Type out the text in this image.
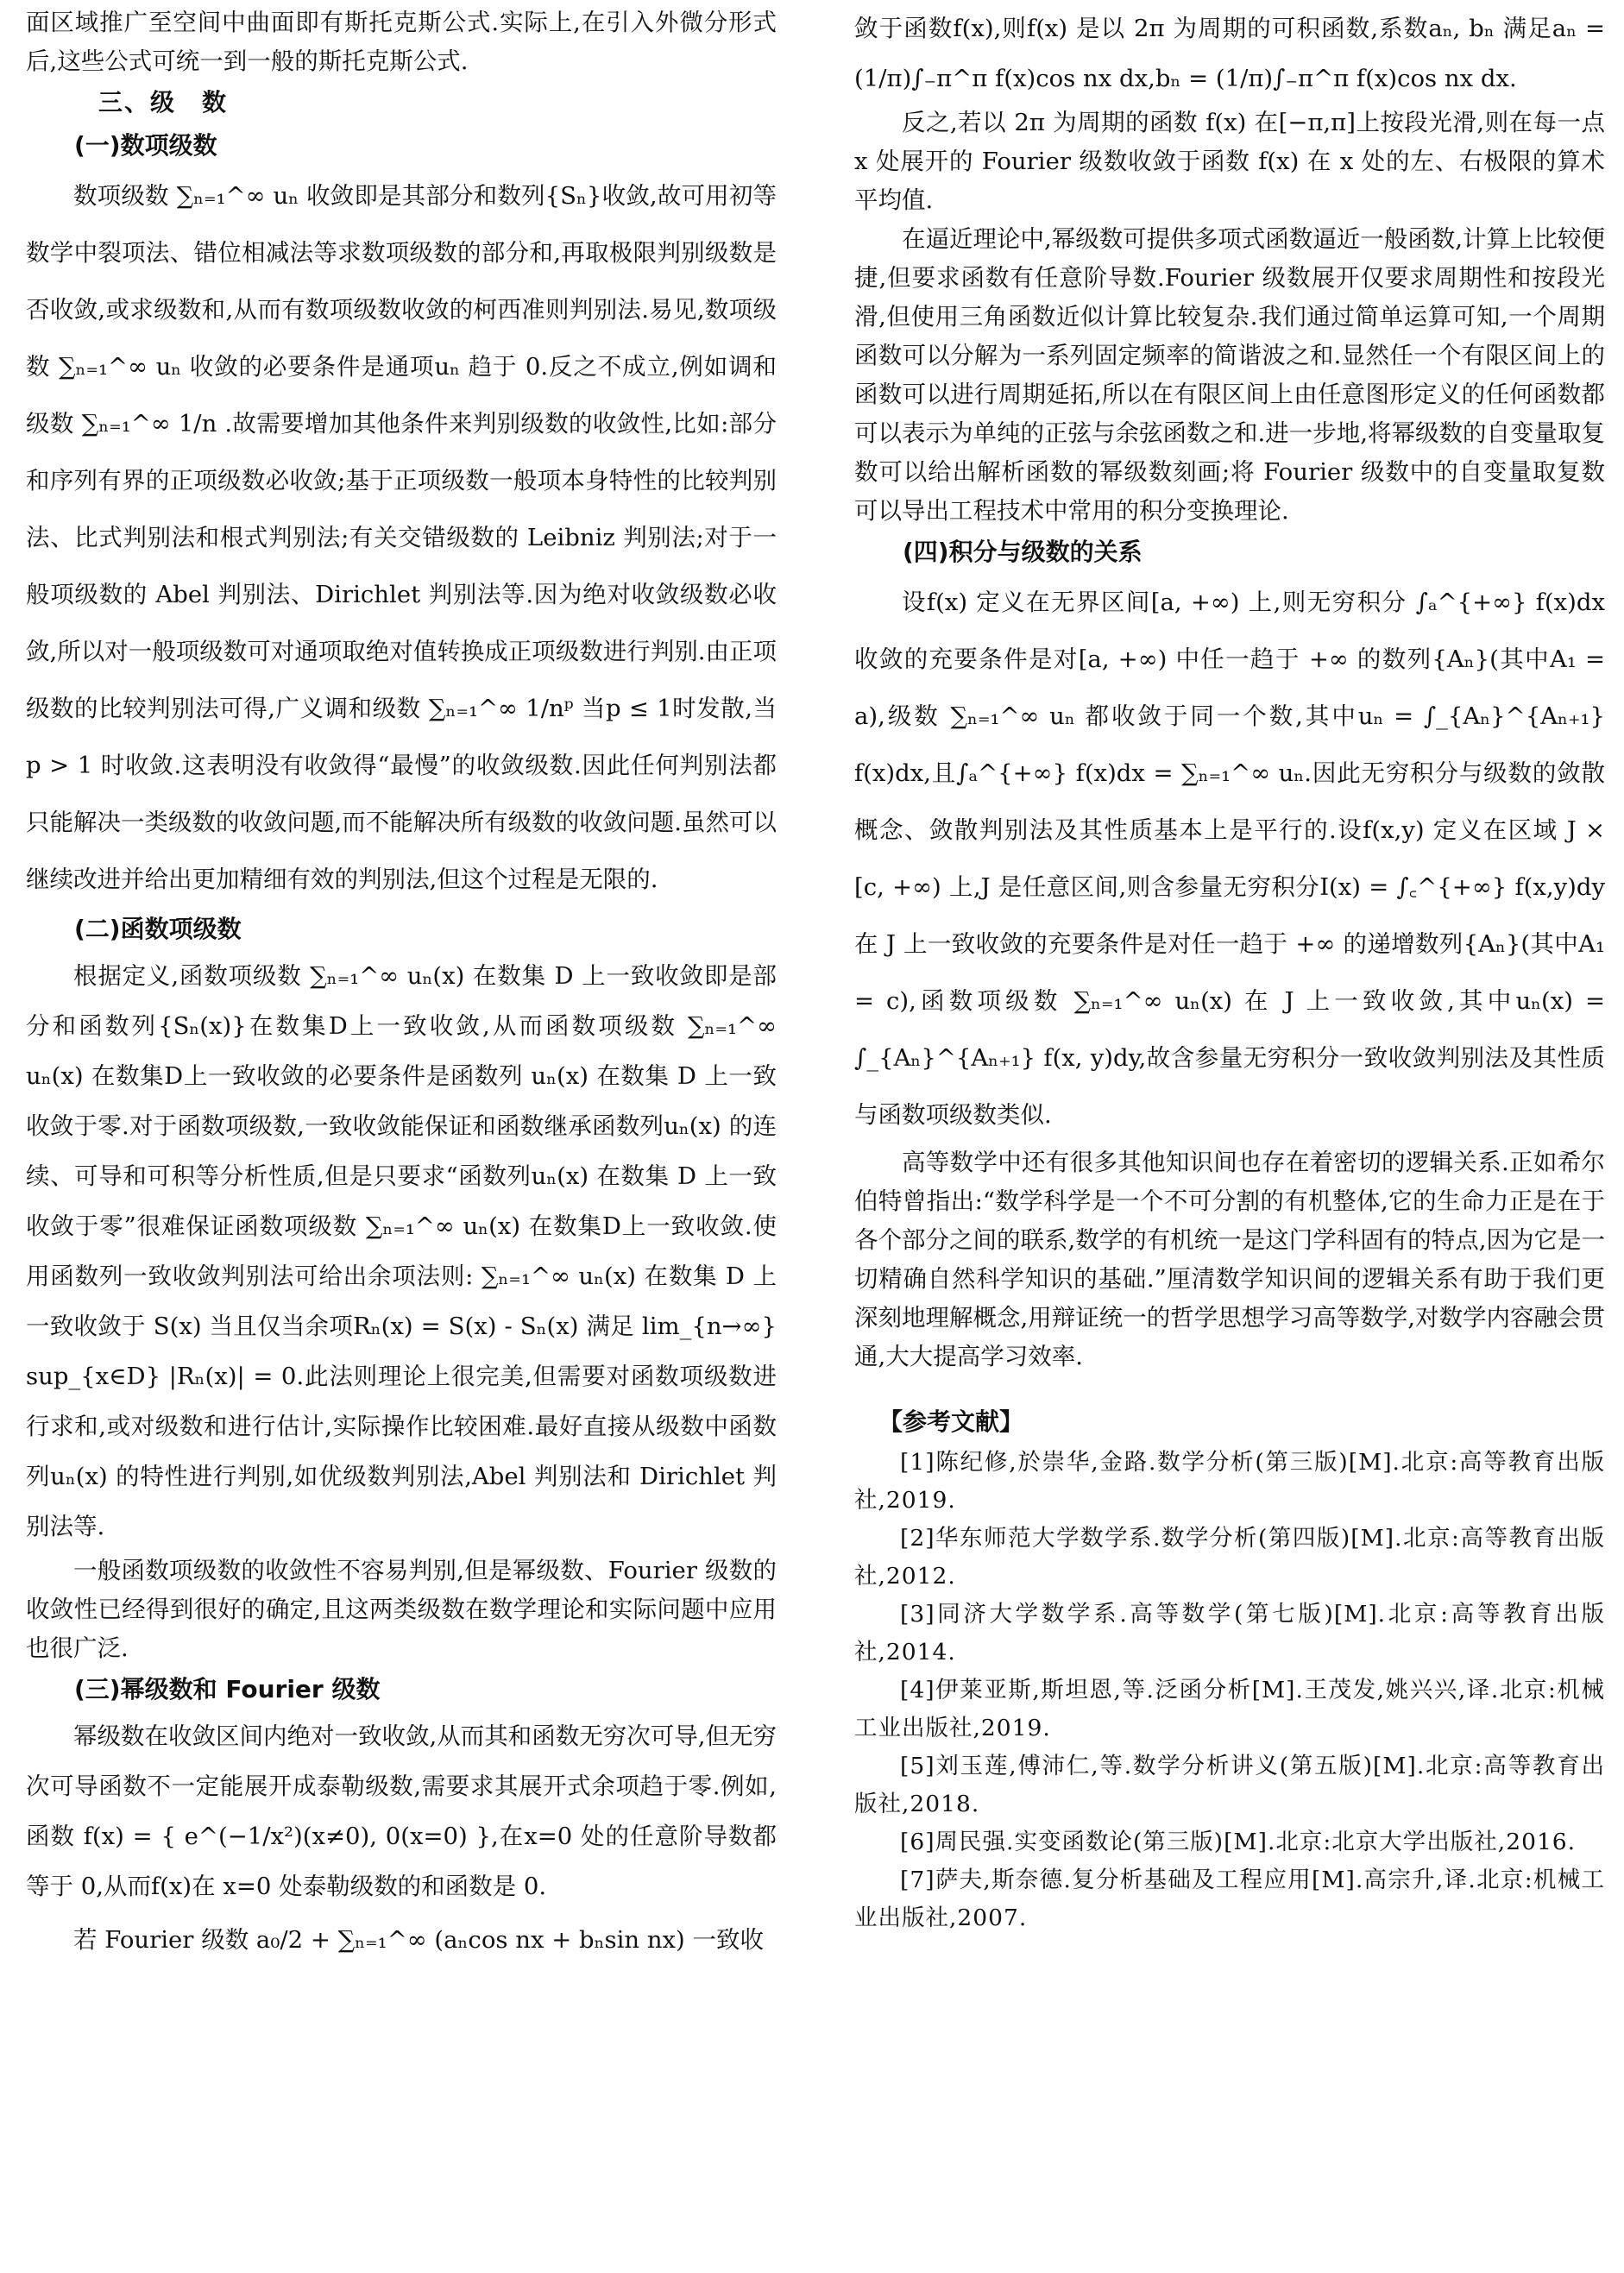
面区域推广至空间中曲面即有斯托克斯公式.实际上,在引入外微分形式后,这些公式可统一到一般的斯托克斯公式.

三、级　数

(一)数项级数

数项级数 ∑ₙ₌₁^∞ uₙ 收敛即是其部分和数列{Sₙ}收敛,故可用初等数学中裂项法、错位相减法等求数项级数的部分和,再取极限判别级数是否收敛,或求级数和,从而有数项级数收敛的柯西准则判别法.易见,数项级数 ∑ₙ₌₁^∞ uₙ 收敛的必要条件是通项uₙ 趋于 0.反之不成立,例如调和级数 ∑ₙ₌₁^∞ 1/n .故需要增加其他条件来判别级数的收敛性,比如:部分和序列有界的正项级数必收敛;基于正项级数一般项本身特性的比较判别法、比式判别法和根式判别法;有关交错级数的 Leibniz 判别法;对于一般项级数的 Abel 判别法、Dirichlet 判别法等.因为绝对收敛级数必收敛,所以对一般项级数可对通项取绝对值转换成正项级数进行判别.由正项级数的比较判别法可得,广义调和级数 ∑ₙ₌₁^∞ 1/nᵖ 当p ≤ 1时发散,当p > 1 时收敛.这表明没有收敛得“最慢”的收敛级数.因此任何判别法都只能解决一类级数的收敛问题,而不能解决所有级数的收敛问题.虽然可以继续改进并给出更加精细有效的判别法,但这个过程是无限的.

(二)函数项级数

根据定义,函数项级数 ∑ₙ₌₁^∞ uₙ(x) 在数集 D 上一致收敛即是部分和函数列{Sₙ(x)}在数集D上一致收敛,从而函数项级数 ∑ₙ₌₁^∞ uₙ(x) 在数集D上一致收敛的必要条件是函数列 uₙ(x) 在数集 D 上一致收敛于零.对于函数项级数,一致收敛能保证和函数继承函数列uₙ(x) 的连续、可导和可积等分析性质,但是只要求“函数列uₙ(x) 在数集 D 上一致收敛于零”很难保证函数项级数 ∑ₙ₌₁^∞ uₙ(x) 在数集D上一致收敛.使用函数列一致收敛判别法可给出余项法则: ∑ₙ₌₁^∞ uₙ(x) 在数集 D 上一致收敛于 S(x) 当且仅当余项Rₙ(x) = S(x) - Sₙ(x) 满足 lim_{n→∞} sup_{x∈D} |Rₙ(x)| = 0.此法则理论上很完美,但需要对函数项级数进行求和,或对级数和进行估计,实际操作比较困难.最好直接从级数中函数列uₙ(x) 的特性进行判别,如优级数判别法,Abel 判别法和 Dirichlet 判别法等.

一般函数项级数的收敛性不容易判别,但是幂级数、Fourier 级数的收敛性已经得到很好的确定,且这两类级数在数学理论和实际问题中应用也很广泛.

(三)幂级数和 Fourier 级数

幂级数在收敛区间内绝对一致收敛,从而其和函数无穷次可导,但无穷次可导函数不一定能展开成泰勒级数,需要求其展开式余项趋于零.例如,函数 f(x) = { e^(−1/x²)(x≠0), 0(x=0) },在x=0 处的任意阶导数都等于 0,从而f(x)在 x=0 处泰勒级数的和函数是 0.

若 Fourier 级数 a₀/2 + ∑ₙ₌₁^∞ (aₙcos nx + bₙsin nx) 一致收

敛于函数f(x),则f(x) 是以 2π 为周期的可积函数,系数aₙ, bₙ 满足aₙ = (1/π)∫₋π^π f(x)cos nx dx,bₙ = (1/π)∫₋π^π f(x)cos nx dx.

反之,若以 2π 为周期的函数 f(x) 在[−π,π]上按段光滑,则在每一点 x 处展开的 Fourier 级数收敛于函数 f(x) 在 x 处的左、右极限的算术平均值.

在逼近理论中,幂级数可提供多项式函数逼近一般函数,计算上比较便捷,但要求函数有任意阶导数.Fourier 级数展开仅要求周期性和按段光滑,但使用三角函数近似计算比较复杂.我们通过简单运算可知,一个周期函数可以分解为一系列固定频率的简谐波之和.显然任一个有限区间上的函数可以进行周期延拓,所以在有限区间上由任意图形定义的任何函数都可以表示为单纯的正弦与余弦函数之和.进一步地,将幂级数的自变量取复数可以给出解析函数的幂级数刻画;将 Fourier 级数中的自变量取复数可以导出工程技术中常用的积分变换理论.

(四)积分与级数的关系

设f(x) 定义在无界区间[a, +∞) 上,则无穷积分 ∫ₐ^{+∞} f(x)dx 收敛的充要条件是对[a, +∞) 中任一趋于 +∞ 的数列{Aₙ}(其中A₁ = a),级数 ∑ₙ₌₁^∞ uₙ 都收敛于同一个数,其中uₙ = ∫_{Aₙ}^{Aₙ₊₁} f(x)dx,且∫ₐ^{+∞} f(x)dx = ∑ₙ₌₁^∞ uₙ.因此无穷积分与级数的敛散概念、敛散判别法及其性质基本上是平行的.设f(x,y) 定义在区域 J × [c, +∞) 上,J 是任意区间,则含参量无穷积分I(x) = ∫꜀^{+∞} f(x,y)dy 在 J 上一致收敛的充要条件是对任一趋于 +∞ 的递增数列{Aₙ}(其中A₁ = c),函数项级数 ∑ₙ₌₁^∞ uₙ(x) 在 J 上一致收敛,其中uₙ(x) = ∫_{Aₙ}^{Aₙ₊₁} f(x, y)dy,故含参量无穷积分一致收敛判别法及其性质与函数项级数类似.

高等数学中还有很多其他知识间也存在着密切的逻辑关系.正如希尔伯特曾指出:“数学科学是一个不可分割的有机整体,它的生命力正是在于各个部分之间的联系,数学的有机统一是这门学科固有的特点,因为它是一切精确自然科学知识的基础.”厘清数学知识间的逻辑关系有助于我们更深刻地理解概念,用辩证统一的哲学思想学习高等数学,对数学内容融会贯通,大大提高学习效率.

【参考文献】

[1]陈纪修,於崇华,金路.数学分析(第三版)[M].北京:高等教育出版社,2019.

[2]华东师范大学数学系.数学分析(第四版)[M].北京:高等教育出版社,2012.

[3]同济大学数学系.高等数学(第七版)[M].北京:高等教育出版社,2014.

[4]伊莱亚斯,斯坦恩,等.泛函分析[M].王茂发,姚兴兴,译.北京:机械工业出版社,2019.

[5]刘玉莲,傅沛仁,等.数学分析讲义(第五版)[M].北京:高等教育出版社,2018.

[6]周民强.实变函数论(第三版)[M].北京:北京大学出版社,2016.

[7]萨夫,斯奈德.复分析基础及工程应用[M].高宗升,译.北京:机械工业出版社,2007.
